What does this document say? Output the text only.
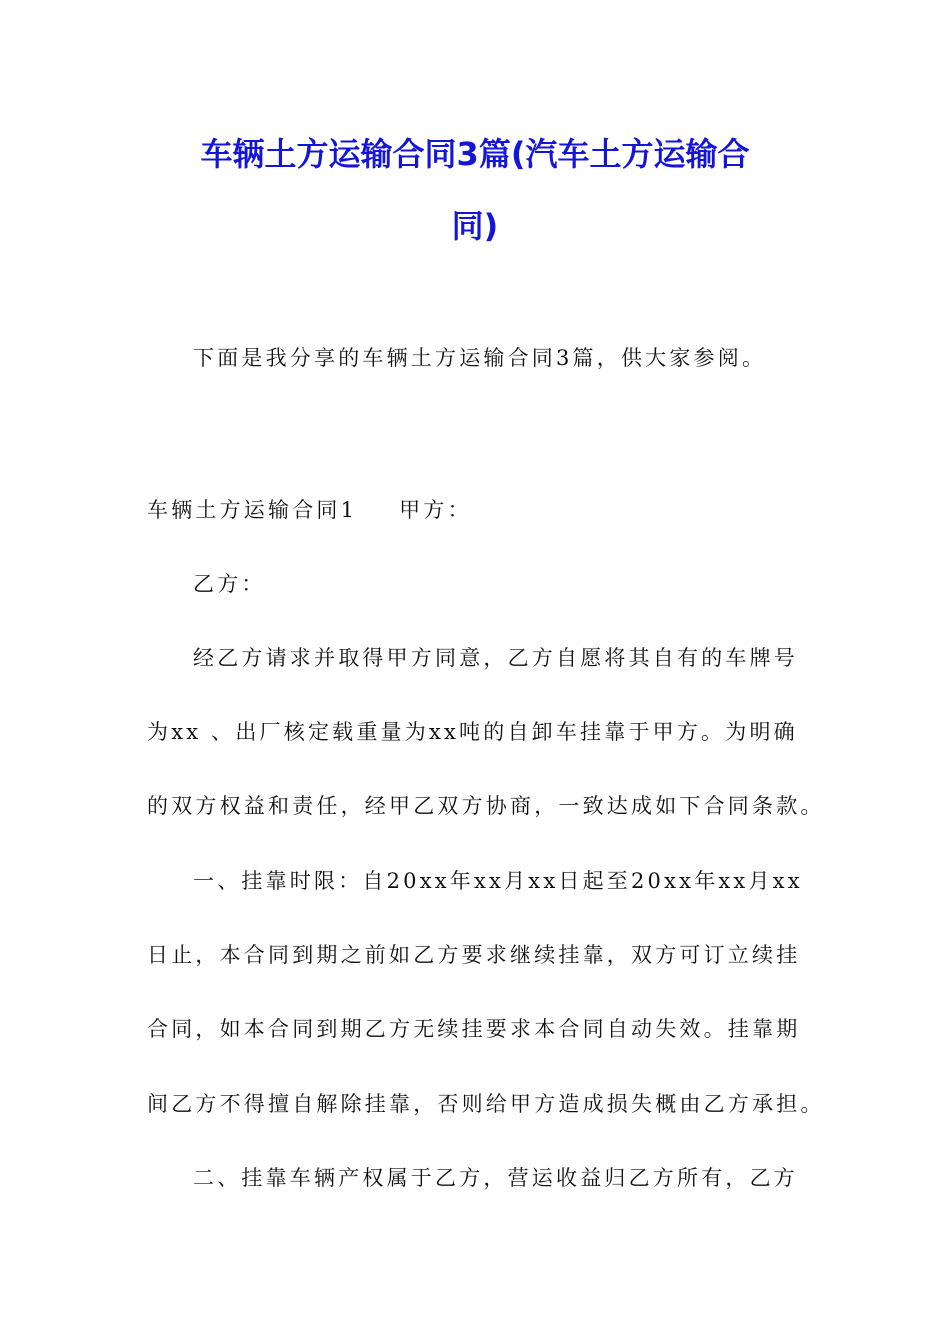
车辆土方运输合同3篇(汽车土方运输合
同)

下面是我分享的车辆土方运输合同3篇，供大家参阅。

车辆土方运输合同1 甲方：

乙方：

经乙方请求并取得甲方同意，乙方自愿将其自有的车牌号

为xx 、出厂核定载重量为xx吨的自卸车挂靠于甲方。为明确

的双方权益和责任，经甲乙双方协商，一致达成如下合同条款。

一、挂靠时限：自20xx年xx月xx日起至20xx年xx月xx

日止，本合同到期之前如乙方要求继续挂靠，双方可订立续挂

合同，如本合同到期乙方无续挂要求本合同自动失效。挂靠期

间乙方不得擅自解除挂靠，否则给甲方造成损失概由乙方承担。

二、挂靠车辆产权属于乙方，营运收益归乙方所有，乙方
